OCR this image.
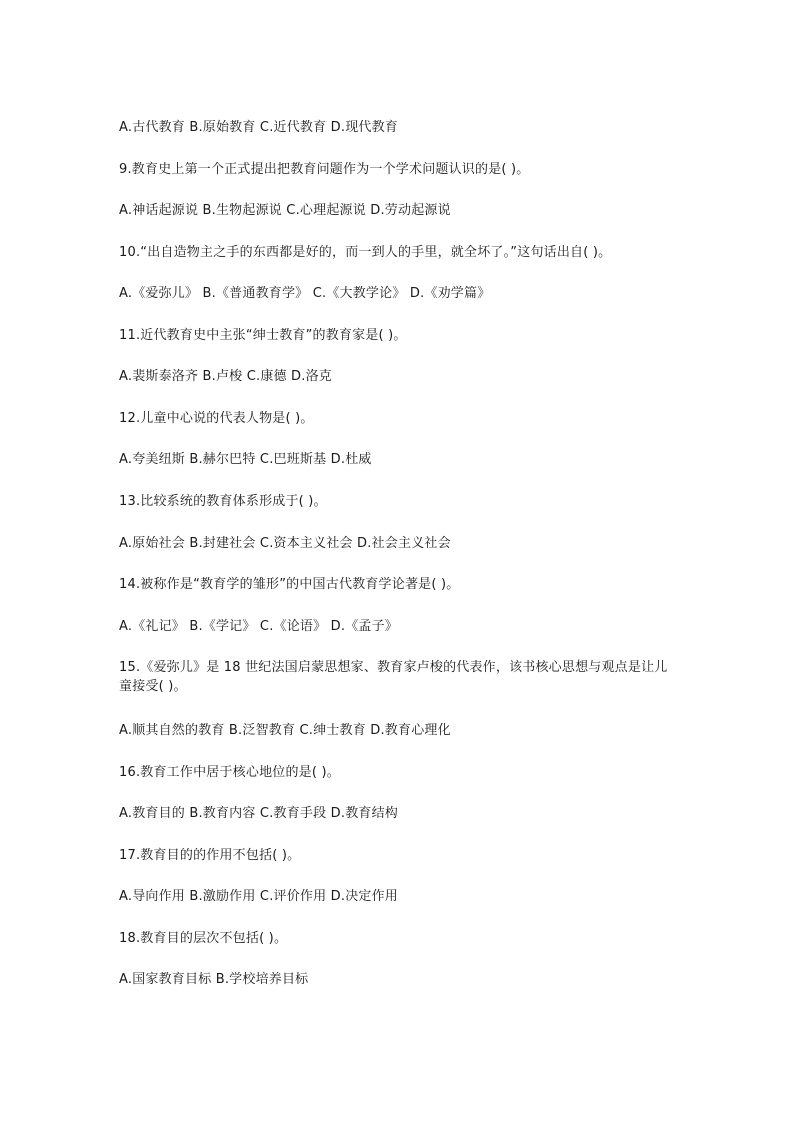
A.古代教育 B.原始教育 C.近代教育 D.现代教育
9.教育史上第一个正式提出把教育问题作为一个学术问题认识的是( )。
A.神话起源说 B.生物起源说 C.心理起源说 D.劳动起源说
10.“出自造物主之手的东西都是好的，而一到人的手里，就全坏了。”这句话出自( )。
A.《爱弥儿》 B.《普通教育学》 C.《大教学论》 D.《劝学篇》
11.近代教育史中主张“绅士教育”的教育家是( )。
A.裴斯泰洛齐 B.卢梭 C.康德 D.洛克
12.儿童中心说的代表人物是( )。
A.夸美纽斯 B.赫尔巴特 C.巴班斯基 D.杜威
13.比较系统的教育体系形成于( )。
A.原始社会 B.封建社会 C.资本主义社会 D.社会主义社会
14.被称作是“教育学的雏形”的中国古代教育学论著是( )。
A.《礼记》 B.《学记》 C.《论语》 D.《孟子》
15.《爱弥儿》是 18 世纪法国启蒙思想家、教育家卢梭的代表作，该书核心思想与观点是让儿童接受( )。
A.顺其自然的教育 B.泛智教育 C.绅士教育 D.教育心理化
16.教育工作中居于核心地位的是( )。
A.教育目的 B.教育内容 C.教育手段 D.教育结构
17.教育目的的作用不包括( )。
A.导向作用 B.激励作用 C.评价作用 D.决定作用
18.教育目的层次不包括( )。
A.国家教育目标 B.学校培养目标
